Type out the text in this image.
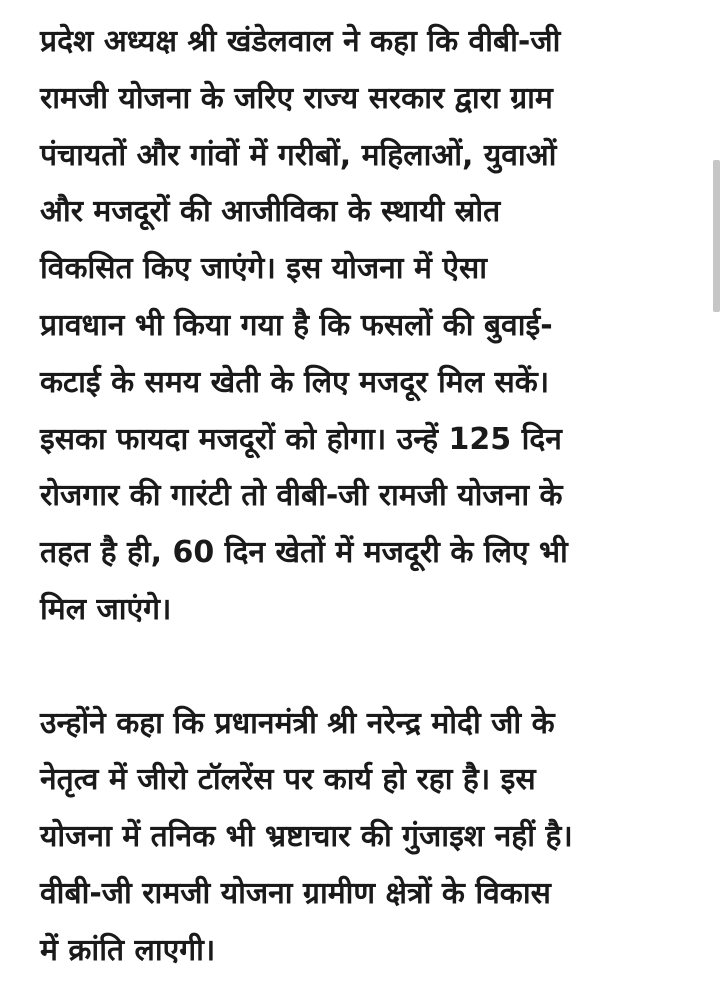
प्रदेश अध्यक्ष श्री खंडेलवाल ने कहा कि वीबी-जी
रामजी योजना के जरिए राज्य सरकार द्वारा ग्राम
पंचायतों और गांवों में गरीबों, महिलाओं, युवाओं
और मजदूरों की आजीविका के स्थायी स्रोत
विकसित किए जाएंगे। इस योजना में ऐसा
प्रावधान भी किया गया है कि फसलों की बुवाई-
कटाई के समय खेती के लिए मजदूर मिल सकें।
इसका फायदा मजदूरों को होगा। उन्हें 125 दिन
रोजगार की गारंटी तो वीबी-जी रामजी योजना के
तहत है ही, 60 दिन खेतों में मजदूरी के लिए भी
मिल जाएंगे।
उन्होंने कहा कि प्रधानमंत्री श्री नरेन्द्र मोदी जी के
नेतृत्व में जीरो टॉलरेंस पर कार्य हो रहा है। इस
योजना में तनिक भी भ्रष्टाचार की गुंजाइश नहीं है।
वीबी-जी रामजी योजना ग्रामीण क्षेत्रों के विकास
में क्रांति लाएगी।
